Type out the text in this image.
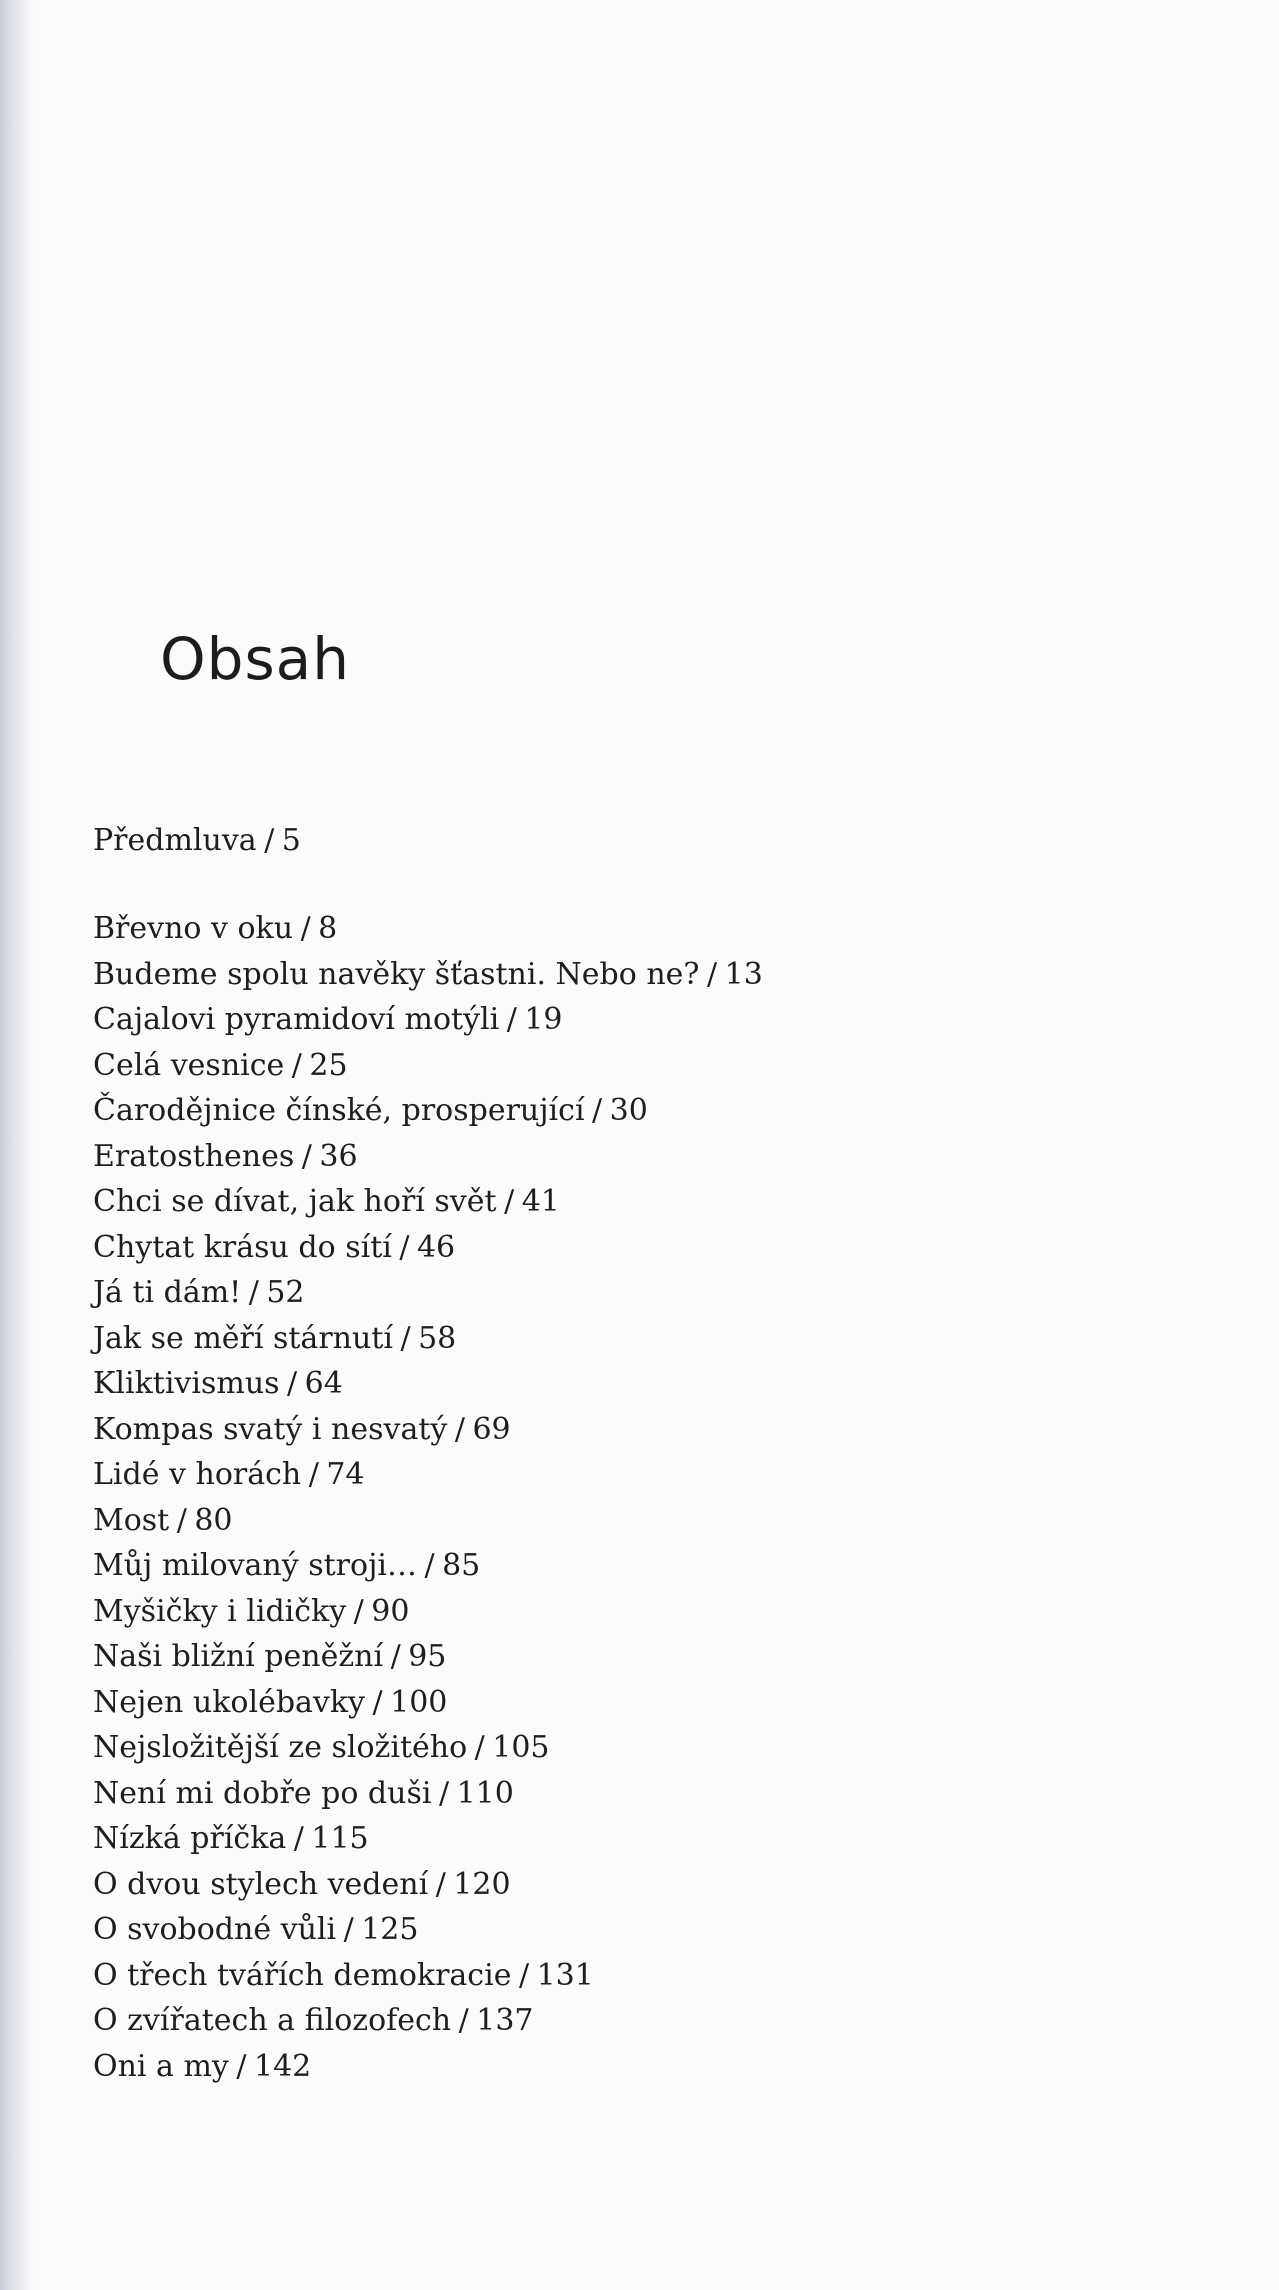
Obsah
Předmluva / 5
Břevno v oku / 8
Budeme spolu navěky šťastni. Nebo ne? / 13
Cajalovi pyramidoví motýli / 19
Celá vesnice / 25
Čarodějnice čínské, prosperující / 30
Eratosthenes / 36
Chci se dívat, jak hoří svět / 41
Chytat krásu do sítí / 46
Já ti dám! / 52
Jak se měří stárnutí / 58
Kliktivismus / 64
Kompas svatý i nesvatý / 69
Lidé v horách / 74
Most / 80
Můj milovaný stroji… / 85
Myšičky i lidičky / 90
Naši bližní peněžní / 95
Nejen ukolébavky / 100
Nejsložitější ze složitého / 105
Není mi dobře po duši / 110
Nízká příčka / 115
O dvou stylech vedení / 120
O svobodné vůli / 125
O třech tvářích demokracie / 131
O zvířatech a filozofech / 137
Oni a my / 142
